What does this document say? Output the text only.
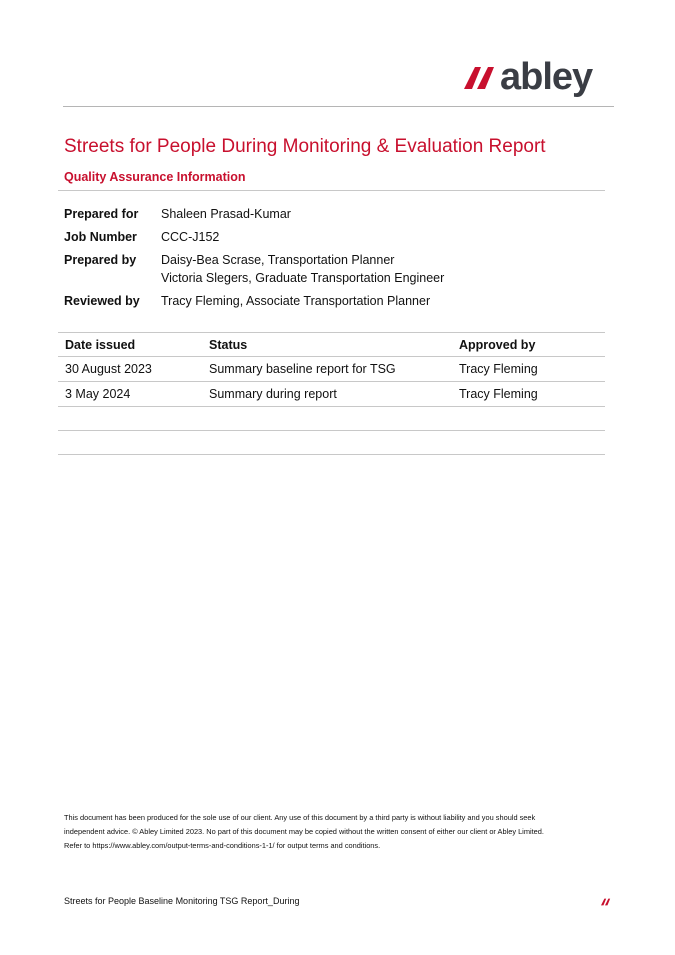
abley
Streets for People During Monitoring & Evaluation Report
Quality Assurance Information
Prepared for	Shaleen Prasad-Kumar
Job Number	CCC-J152
Prepared by	Daisy-Bea Scrase, Transportation Planner
Victoria Slegers, Graduate Transportation Engineer
Reviewed by	Tracy Fleming, Associate Transportation Planner
Date issued	Status	Approved by
30 August 2023	Summary baseline report for TSG	Tracy Fleming
3 May 2024	Summary during report	Tracy Fleming
This document has been produced for the sole use of our client. Any use of this document by a third party is without liability and you should seek independent advice. © Abley Limited 2023. No part of this document may be copied without the written consent of either our client or Abley Limited. Refer to https://www.abley.com/output-terms-and-conditions-1-1/ for output terms and conditions.
Streets for People Baseline Monitoring TSG Report_During
